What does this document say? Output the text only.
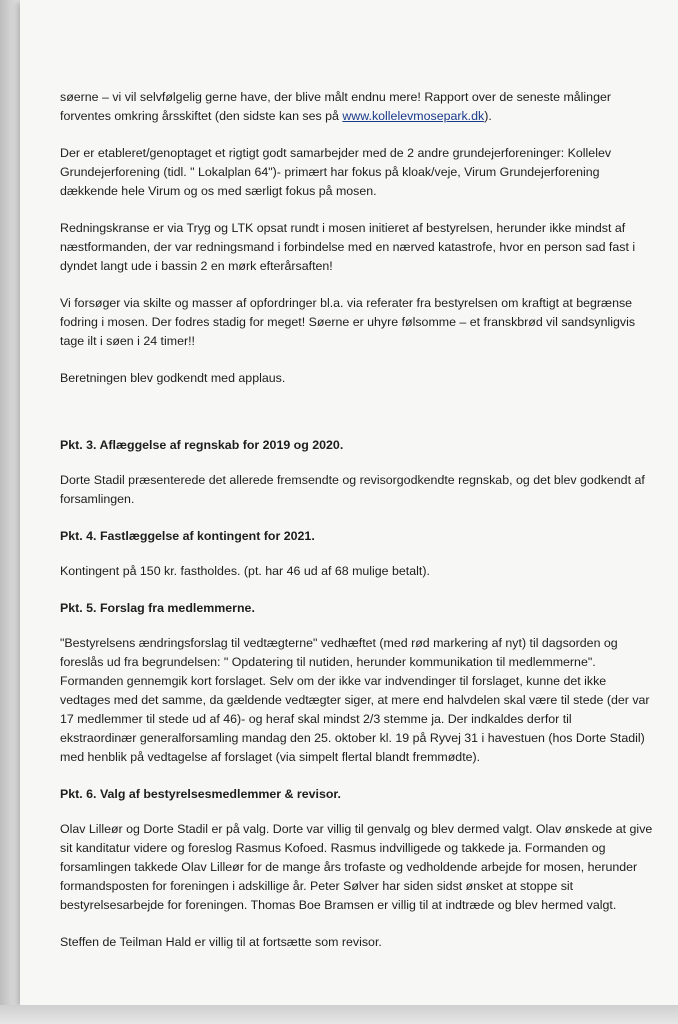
søerne – vi vil selvfølgelig gerne have, der blive målt endnu mere! Rapport over de seneste målinger
forventes omkring årsskiftet (den sidste kan ses på www.kollelevmosepark.dk).
Der er etableret/genoptaget et rigtigt godt samarbejder med de 2 andre grundejerforeninger: Kollelev
Grundejerforening (tidl. " Lokalplan 64")- primært har fokus på kloak/veje, Virum Grundejerforening
dækkende hele Virum og os med særligt fokus på mosen.
Redningskranse er via Tryg og LTK opsat rundt i mosen initieret af bestyrelsen, herunder ikke mindst af
næstformanden, der var redningsmand i forbindelse med en nærved katastrofe, hvor en person sad fast i
dyndet langt ude i bassin 2 en mørk efterårsaften!
Vi forsøger via skilte og masser af opfordringer bl.a. via referater fra bestyrelsen om kraftigt at begrænse
fodring i mosen. Der fodres stadig for meget! Søerne er uhyre følsomme – et franskbrød vil sandsynligvis
tage ilt i søen i 24 timer!!
Beretningen blev godkendt med applaus.
Pkt. 3. Aflæggelse af regnskab for 2019 og 2020.
Dorte Stadil præsenterede det allerede fremsendte og revisorgodkendte regnskab, og det blev godkendt af
forsamlingen.
Pkt. 4. Fastlæggelse af kontingent for 2021.
Kontingent på 150 kr. fastholdes. (pt. har 46 ud af 68 mulige betalt).
Pkt. 5. Forslag fra medlemmerne.
"Bestyrelsens ændringsforslag til vedtægterne" vedhæftet (med rød markering af nyt) til dagsorden og
foreslås ud fra begrundelsen: " Opdatering til nutiden, herunder kommunikation til medlemmerne".
Formanden gennemgik kort forslaget. Selv om der ikke var indvendinger til forslaget, kunne det ikke
vedtages med det samme, da gældende vedtægter siger, at mere end halvdelen skal være til stede (der var
17 medlemmer til stede ud af 46)- og heraf skal mindst 2/3 stemme ja. Der indkaldes derfor til
ekstraordinær generalforsamling mandag den 25. oktober kl. 19 på Ryvej 31 i havestuen (hos Dorte Stadil)
med henblik på vedtagelse af forslaget (via simpelt flertal blandt fremmødte).
Pkt. 6. Valg af bestyrelsesmedlemmer & revisor.
Olav Lilleør og Dorte Stadil er på valg. Dorte var villig til genvalg og blev dermed valgt. Olav ønskede at give
sit kanditatur videre og foreslog Rasmus Kofoed. Rasmus indvilligede og takkede ja. Formanden og
forsamlingen takkede Olav Lilleør for de mange års trofaste og vedholdende arbejde for mosen, herunder
formandsposten for foreningen i adskillige år. Peter Sølver har siden sidst ønsket at stoppe sit
bestyrelsesarbejde for foreningen. Thomas Boe Bramsen er villig til at indtræde og blev hermed valgt.
Steffen de Teilman Hald er villig til at fortsætte som revisor.
